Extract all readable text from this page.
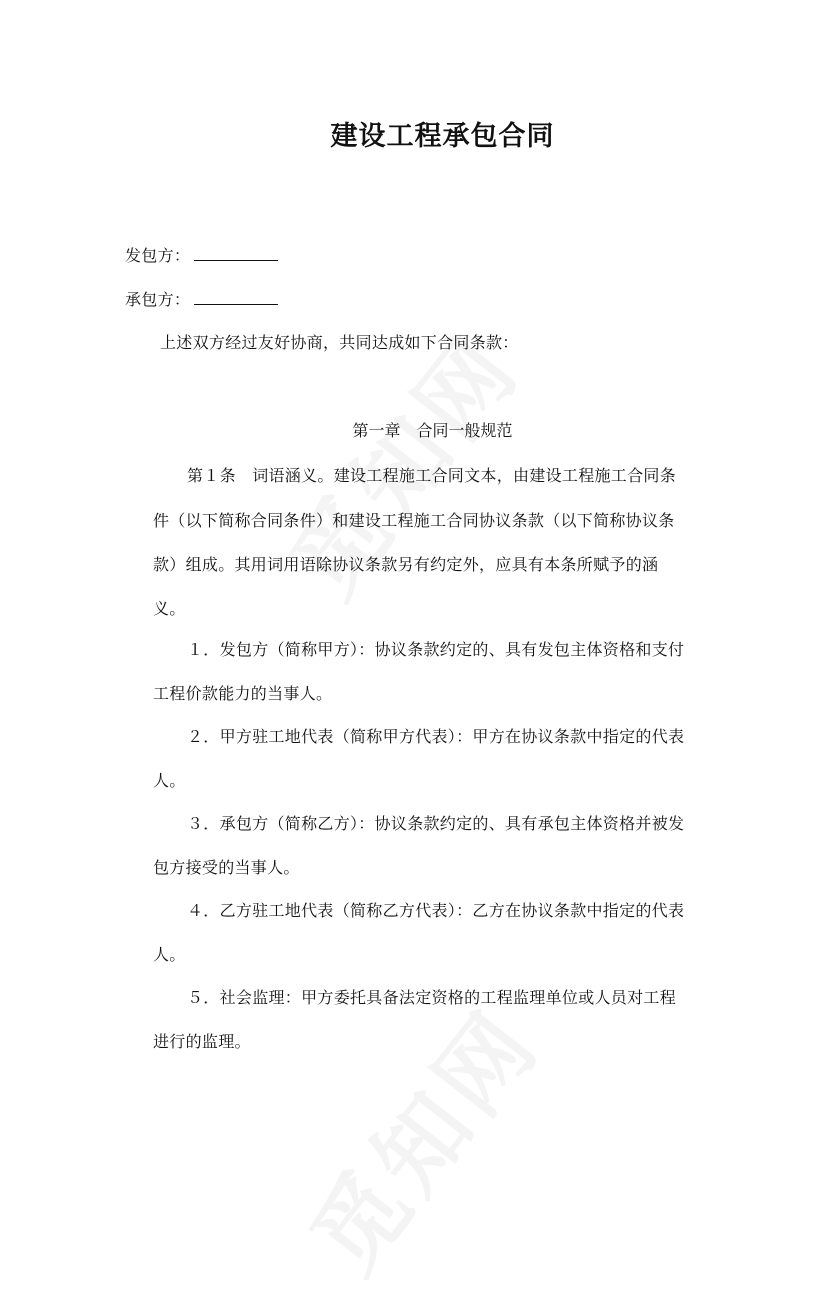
建设工程承包合同
发包方：
承包方：
上述双方经过友好协商，共同达成如下合同条款：
第一章 合同一般规范
第１条　词语涵义。建设工程施工合同文本，由建设工程施工合同条
件（以下简称合同条件）和建设工程施工合同协议条款（以下简称协议条
款）组成。其用词用语除协议条款另有约定外，应具有本条所赋予的涵
义。
１．发包方（简称甲方）：协议条款约定的、具有发包主体资格和支付
工程价款能力的当事人。
２．甲方驻工地代表（简称甲方代表）：甲方在协议条款中指定的代表
人。
３．承包方（简称乙方）：协议条款约定的、具有承包主体资格并被发
包方接受的当事人。
４．乙方驻工地代表（简称乙方代表）：乙方在协议条款中指定的代表
人。
５．社会监理：甲方委托具备法定资格的工程监理单位或人员对工程
进行的监理。
